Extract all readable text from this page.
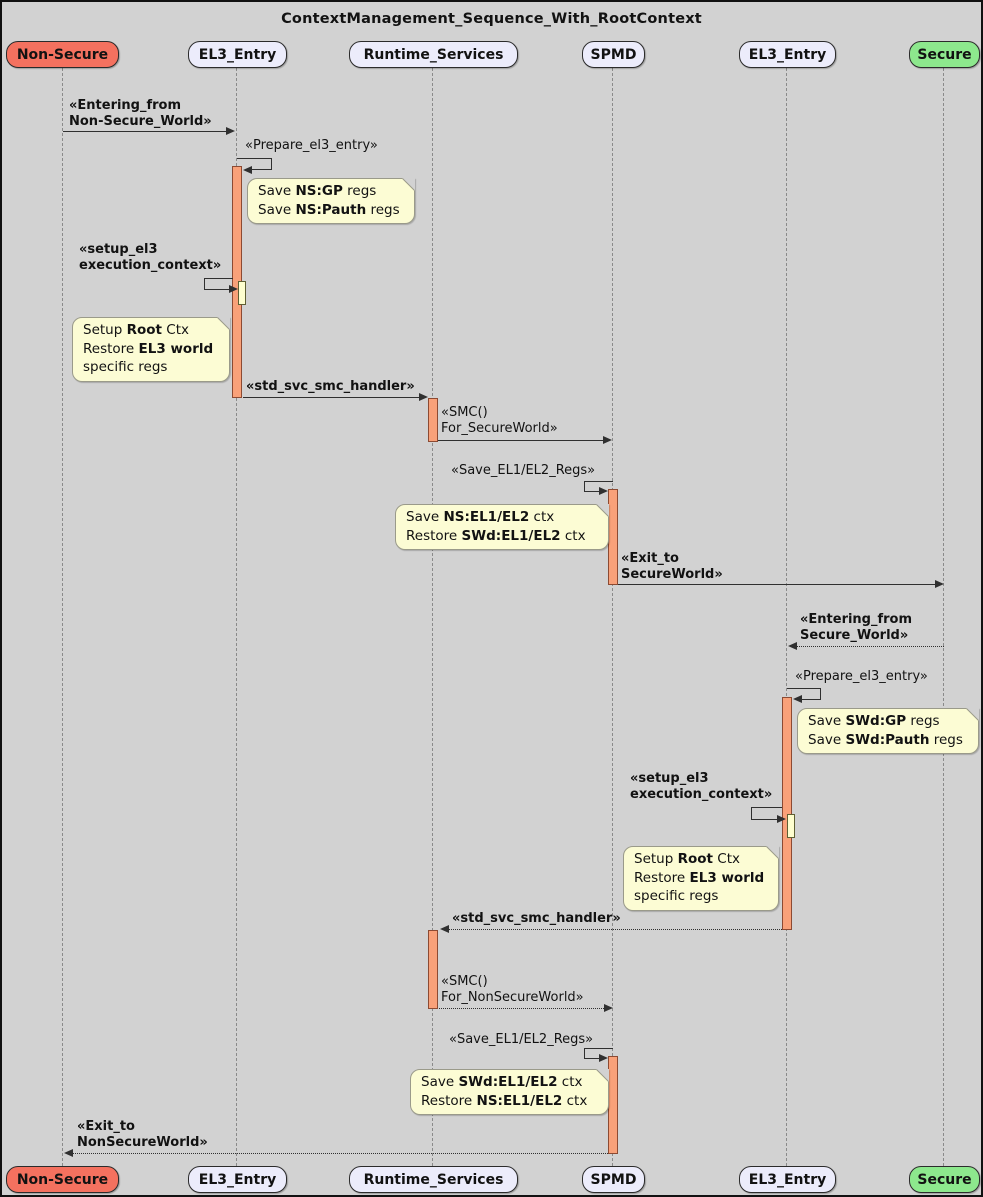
ContextManagement_Sequence_With_RootContext
Non-Secure	EL3_Entry	Runtime_Services	SPMD	EL3_Entry	Secure
Non-Secure	EL3_Entry	Runtime_Services	SPMD	EL3_Entry	Secure
«Entering_from
Non-Secure_World»
«Prepare_el3_entry»
Save NS:GP regs
Save NS:Pauth regs
«setup_el3
execution_context»
Setup Root Ctx
Restore EL3 world
specific regs
«std_svc_smc_handler»
«SMC()
For_SecureWorld»
«Save_EL1/EL2_Regs»
Save NS:EL1/EL2 ctx
Restore SWd:EL1/EL2 ctx
«Exit_to
SecureWorld»
«Entering_from
Secure_World»
«Prepare_el3_entry»
Save SWd:GP regs
Save SWd:Pauth regs
«setup_el3
execution_context»
Setup Root Ctx
Restore EL3 world
specific regs
«std_svc_smc_handler»
«SMC()
For_NonSecureWorld»
«Save_EL1/EL2_Regs»
Save SWd:EL1/EL2 ctx
Restore NS:EL1/EL2 ctx
«Exit_to
NonSecureWorld»
